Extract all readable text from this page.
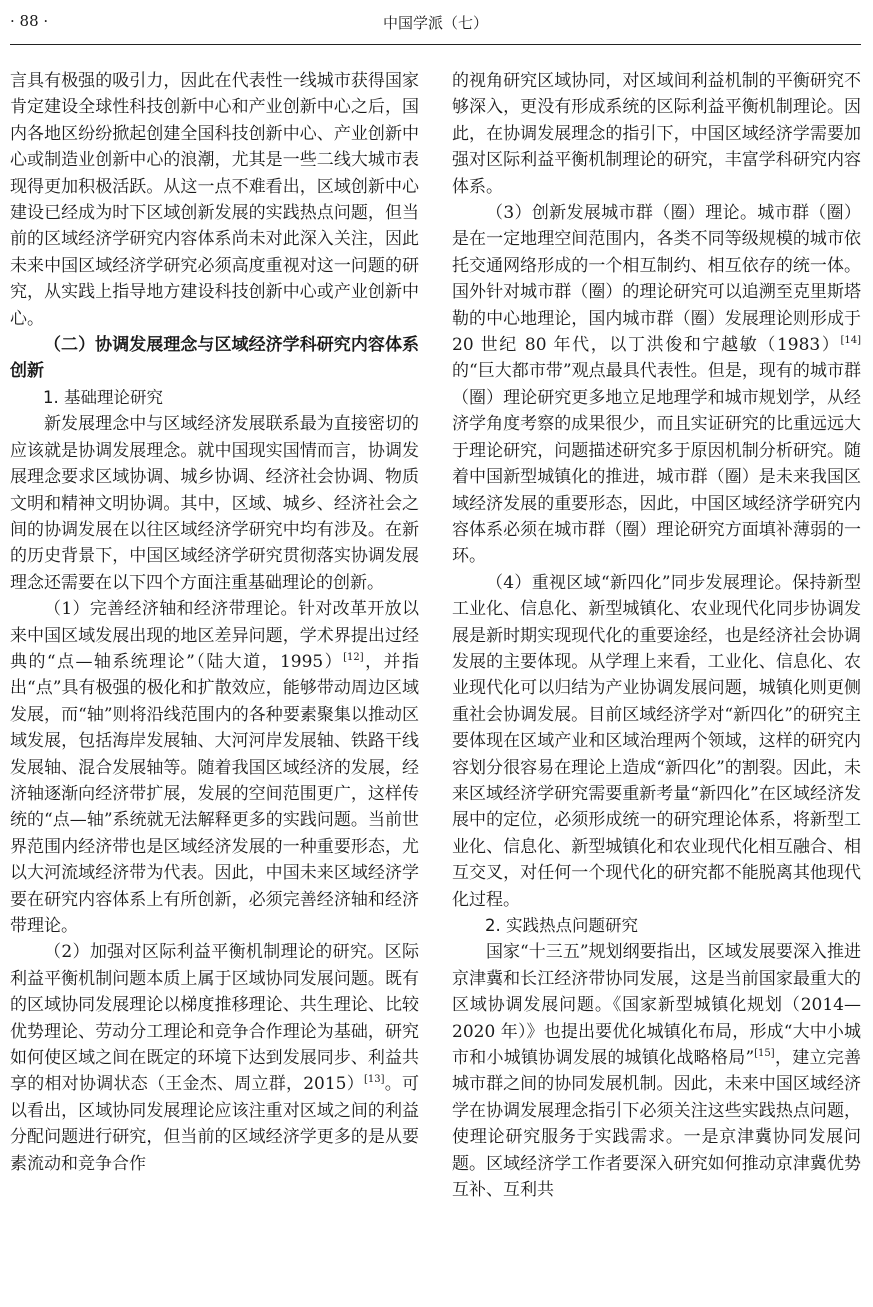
· 88 ·	中国学派（七）

言具有极强的吸引力，因此在代表性一线城市获得国家肯定建设全球性科技创新中心和产业创新中心之后，国内各地区纷纷掀起创建全国科技创新中心、产业创新中心或制造业创新中心的浪潮，尤其是一些二线大城市表现得更加积极活跃。从这一点不难看出，区域创新中心建设已经成为时下区域创新发展的实践热点问题，但当前的区域经济学研究内容体系尚未对此深入关注，因此未来中国区域经济学研究必须高度重视对这一问题的研究，从实践上指导地方建设科技创新中心或产业创新中心。

（二）协调发展理念与区域经济学科研究内容体系创新

1. 基础理论研究

新发展理念中与区域经济发展联系最为直接密切的应该就是协调发展理念。就中国现实国情而言，协调发展理念要求区域协调、城乡协调、经济社会协调、物质文明和精神文明协调。其中，区域、城乡、经济社会之间的协调发展在以往区域经济学研究中均有涉及。在新的历史背景下，中国区域经济学研究贯彻落实协调发展理念还需要在以下四个方面注重基础理论的创新。

（1）完善经济轴和经济带理论。针对改革开放以来中国区域发展出现的地区差异问题，学术界提出过经典的“点—轴系统理论”（陆大道，1995）[12]，并指出“点”具有极强的极化和扩散效应，能够带动周边区域发展，而“轴”则将沿线范围内的各种要素聚集以推动区域发展，包括海岸发展轴、大河河岸发展轴、铁路干线发展轴、混合发展轴等。随着我国区域经济的发展，经济轴逐渐向经济带扩展，发展的空间范围更广，这样传统的“点—轴”系统就无法解释更多的实践问题。当前世界范围内经济带也是区域经济发展的一种重要形态，尤以大河流域经济带为代表。因此，中国未来区域经济学要在研究内容体系上有所创新，必须完善经济轴和经济带理论。

（2）加强对区际利益平衡机制理论的研究。区际利益平衡机制问题本质上属于区域协同发展问题。既有的区域协同发展理论以梯度推移理论、共生理论、比较优势理论、劳动分工理论和竞争合作理论为基础，研究如何使区域之间在既定的环境下达到发展同步、利益共享的相对协调状态（王金杰、周立群，2015）[13]。可以看出，区域协同发展理论应该注重对区域之间的利益分配问题进行研究，但当前的区域经济学更多的是从要素流动和竞争合作

的视角研究区域协同，对区域间利益机制的平衡研究不够深入，更没有形成系统的区际利益平衡机制理论。因此，在协调发展理念的指引下，中国区域经济学需要加强对区际利益平衡机制理论的研究，丰富学科研究内容体系。

（3）创新发展城市群（圈）理论。城市群（圈）是在一定地理空间范围内，各类不同等级规模的城市依托交通网络形成的一个相互制约、相互依存的统一体。国外针对城市群（圈）的理论研究可以追溯至克里斯塔勒的中心地理论，国内城市群（圈）发展理论则形成于 20 世纪 80 年代，以丁洪俊和宁越敏（1983）[14]的“巨大都市带”观点最具代表性。但是，现有的城市群（圈）理论研究更多地立足地理学和城市规划学，从经济学角度考察的成果很少，而且实证研究的比重远远大于理论研究，问题描述研究多于原因机制分析研究。随着中国新型城镇化的推进，城市群（圈）是未来我国区域经济发展的重要形态，因此，中国区域经济学研究内容体系必须在城市群（圈）理论研究方面填补薄弱的一环。

（4）重视区域“新四化”同步发展理论。保持新型工业化、信息化、新型城镇化、农业现代化同步协调发展是新时期实现现代化的重要途经，也是经济社会协调发展的主要体现。从学理上来看，工业化、信息化、农业现代化可以归结为产业协调发展问题，城镇化则更侧重社会协调发展。目前区域经济学对“新四化”的研究主要体现在区域产业和区域治理两个领域，这样的研究内容划分很容易在理论上造成“新四化”的割裂。因此，未来区域经济学研究需要重新考量“新四化”在区域经济发展中的定位，必须形成统一的研究理论体系，将新型工业化、信息化、新型城镇化和农业现代化相互融合、相互交叉，对任何一个现代化的研究都不能脱离其他现代化过程。

2. 实践热点问题研究

国家“十三五”规划纲要指出，区域发展要深入推进京津冀和长江经济带协同发展，这是当前国家最重大的区域协调发展问题。《国家新型城镇化规划（2014—2020 年）》也提出要优化城镇化布局，形成“大中小城市和小城镇协调发展的城镇化战略格局”[15]，建立完善城市群之间的协同发展机制。因此，未来中国区域经济学在协调发展理念指引下必须关注这些实践热点问题，使理论研究服务于实践需求。一是京津冀协同发展问题。区域经济学工作者要深入研究如何推动京津冀优势互补、互利共
